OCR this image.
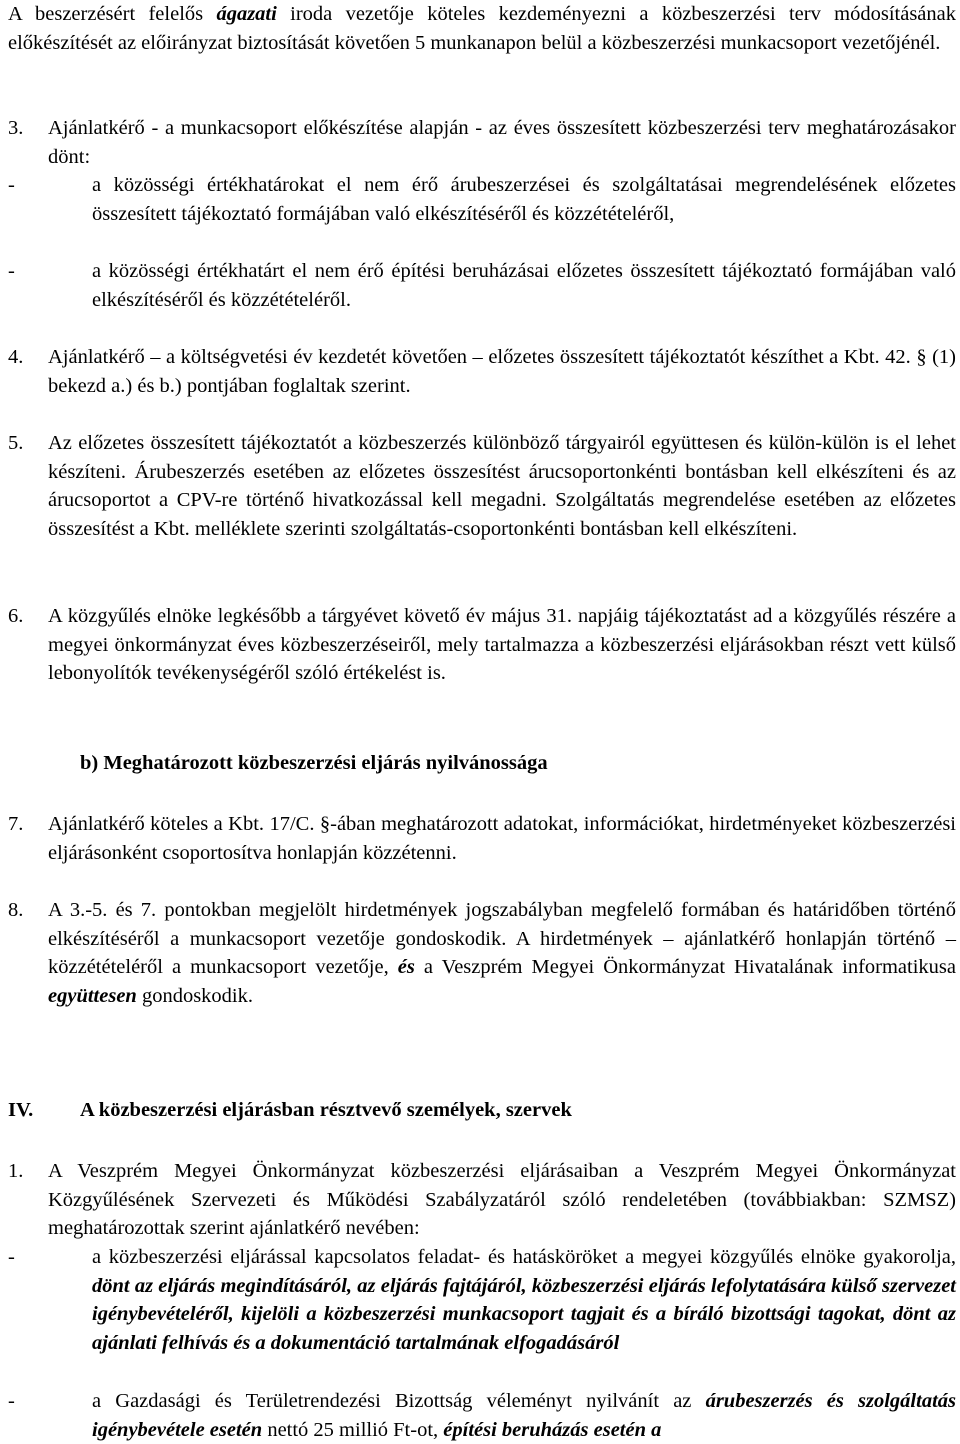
A beszerzésért felelős ágazati iroda vezetője köteles kezdeményezni a közbeszerzési terv módosításának előkészítését az előirányzat biztosítását követően 5 munkanapon belül a közbeszerzési munkacsoport vezetőjénél.

3. Ajánlatkérő - a munkacsoport előkészítése alapján - az éves összesített közbeszerzési terv meghatározásakor dönt:
-	a közösségi értékhatárokat el nem érő árubeszerzései és szolgáltatásai megrendelésének előzetes összesített tájékoztató formájában való elkészítéséről és közzétételéről,
-	a közösségi értékhatárt el nem érő építési beruházásai előzetes összesített tájékoztató formájában való elkészítéséről és közzétételéről.
4. Ajánlatkérő – a költségvetési év kezdetét követően – előzetes összesített tájékoztatót készíthet a Kbt. 42. § (1) bekezd a.) és b.) pontjában foglaltak szerint.
5. Az előzetes összesített tájékoztatót a közbeszerzés különböző tárgyairól együttesen és külön-külön is el lehet készíteni. Árubeszerzés esetében az előzetes összesítést árucsoportonkénti bontásban kell elkészíteni és az árucsoportot a CPV-re történő hivatkozással kell megadni. Szolgáltatás megrendelése esetében az előzetes összesítést a Kbt. melléklete szerinti szolgáltatás-csoportonkénti bontásban kell elkészíteni.
6. A közgyűlés elnöke legkésőbb a tárgyévet követő év május 31. napjáig tájékoztatást ad a közgyűlés részére a megyei önkormányzat éves közbeszerzéseiről, mely tartalmazza a közbeszerzési eljárásokban részt vett külső lebonyolítók tevékenységéről szóló értékelést is.
b) Meghatározott közbeszerzési eljárás nyilvánossága
7. Ajánlatkérő köteles a Kbt. 17/C. §-ában meghatározott adatokat, információkat, hirdetményeket közbeszerzési eljárásonként csoportosítva honlapján közzétenni.
8. A 3.-5. és 7. pontokban megjelölt hirdetmények jogszabályban megfelelő formában és határidőben történő elkészítéséről a munkacsoport vezetője gondoskodik. A hirdetmények – ajánlatkérő honlapján történő – közzétételéről a munkacsoport vezetője, és a Veszprém Megyei Önkormányzat Hivatalának informatikusa együttesen gondoskodik.
IV. A közbeszerzési eljárásban résztvevő személyek, szervek
1. A Veszprém Megyei Önkormányzat közbeszerzési eljárásaiban a Veszprém Megyei Önkormányzat Közgyűlésének Szervezeti és Működési Szabályzatáról szóló rendeletében (továbbiakban: SZMSZ) meghatározottak szerint ajánlatkérő nevében:
-	a közbeszerzési eljárással kapcsolatos feladat- és hatásköröket a megyei közgyűlés elnöke gyakorolja, dönt az eljárás megindításáról, az eljárás fajtájáról, közbeszerzési eljárás lefolytatására külső szervezet igénybevételéről, kijelöli a közbeszerzési munkacsoport tagjait és a bíráló bizottsági tagokat, dönt az ajánlati felhívás és a dokumentáció tartalmának elfogadásáról
-	a Gazdasági és Területrendezési Bizottság véleményt nyilvánít az árubeszerzés és szolgáltatás igénybevétele esetén nettó 25 millió Ft-ot, építési beruházás esetén a
